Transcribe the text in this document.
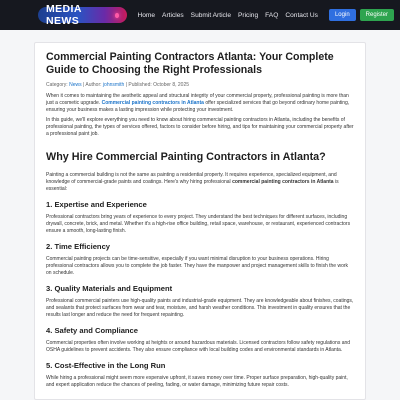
MEDIA NEWS	Home Articles Submit Article Pricing FAQ Contact Us	Login	Register
Commercial Painting Contractors Atlanta: Your Complete Guide to Choosing the Right Professionals
Category: News | Author: johnsmith | Published: October 8, 2025

When it comes to maintaining the aesthetic appeal and structural integrity of your commercial property, professional painting is more than just a cosmetic upgrade. Commercial painting contractors in Atlanta offer specialized services that go beyond ordinary home painting, ensuring your business makes a lasting impression while protecting your investment.

In this guide, we'll explore everything you need to know about hiring commercial painting contractors in Atlanta, including the benefits of professional painting, the types of services offered, factors to consider before hiring, and tips for maintaining your commercial property after a professional paint job.

Why Hire Commercial Painting Contractors in Atlanta?

Painting a commercial building is not the same as painting a residential property. It requires experience, specialized equipment, and knowledge of commercial-grade paints and coatings. Here's why hiring professional commercial painting contractors in Atlanta is essential:

1. Expertise and Experience

Professional contractors bring years of experience to every project. They understand the best techniques for different surfaces, including drywall, concrete, brick, and metal. Whether it's a high-rise office building, retail space, warehouse, or restaurant, experienced contractors ensure a smooth, long-lasting finish.

2. Time Efficiency

Commercial painting projects can be time-sensitive, especially if you want minimal disruption to your business operations. Hiring professional contractors allows you to complete the job faster. They have the manpower and project management skills to finish the work on schedule.

3. Quality Materials and Equipment

Professional commercial painters use high-quality paints and industrial-grade equipment. They are knowledgeable about finishes, coatings, and sealants that protect surfaces from wear and tear, moisture, and harsh weather conditions. This investment in quality ensures that the results last longer and reduce the need for frequent repainting.

4. Safety and Compliance

Commercial properties often involve working at heights or around hazardous materials. Licensed contractors follow safety regulations and OSHA guidelines to prevent accidents. They also ensure compliance with local building codes and environmental standards in Atlanta.

5. Cost-Effective in the Long Run

While hiring a professional might seem more expensive upfront, it saves money over time. Proper surface preparation, high-quality paint, and expert application reduce the chances of peeling, fading, or water damage, minimizing future repair costs.
